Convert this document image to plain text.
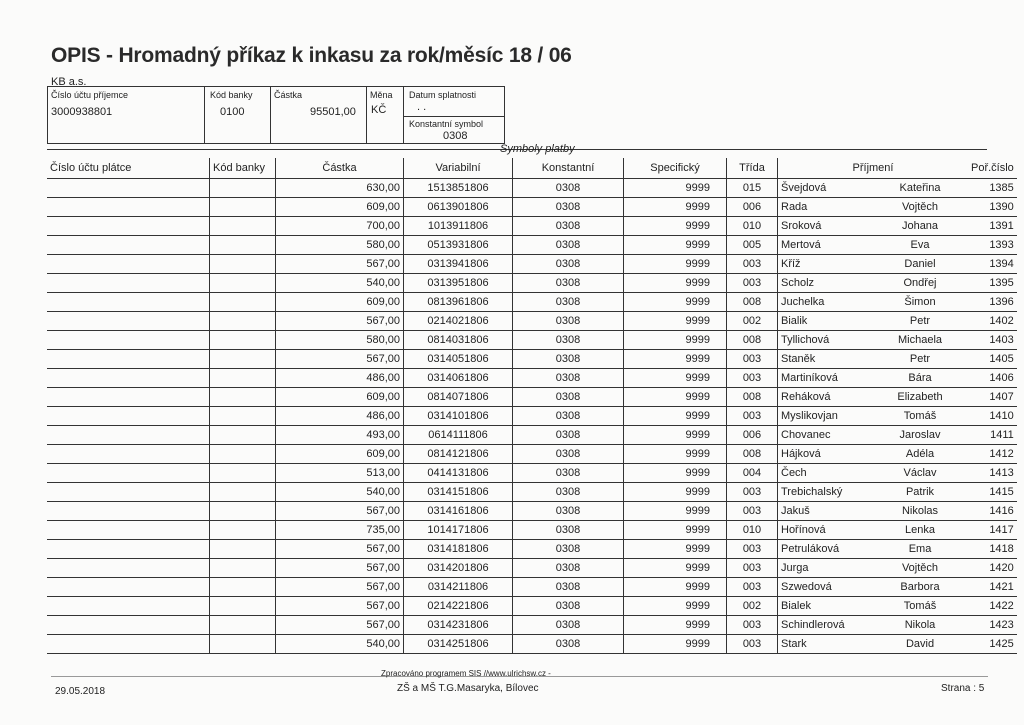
OPIS - Hromadný příkaz k inkasu za rok/měsíc 18 / 06
KB a.s.
Číslo účtu příjemce
3000938801
Kód banky
0100
Částka
95501,00
Měna
KČ
Datum splatnosti
. .
Konstantní symbol
0308
Symboly platby
Číslo účtu plátce	Kód banky	Částka	Variabilní	Konstantní	Specifický	Třída	Příjmení		Poř.číslo
		630,00	1513851806	0308	9999	015	Švejdová	Kateřina	1385
		609,00	0613901806	0308	9999	006	Rada	Vojtěch	1390
		700,00	1013911806	0308	9999	010	Sroková	Johana	1391
		580,00	0513931806	0308	9999	005	Mertová	Eva	1393
		567,00	0313941806	0308	9999	003	Kříž	Daniel	1394
		540,00	0313951806	0308	9999	003	Scholz	Ondřej	1395
		609,00	0813961806	0308	9999	008	Juchelka	Šimon	1396
		567,00	0214021806	0308	9999	002	Bialik	Petr	1402
		580,00	0814031806	0308	9999	008	Tyllichová	Michaela	1403
		567,00	0314051806	0308	9999	003	Staněk	Petr	1405
		486,00	0314061806	0308	9999	003	Martiníková	Bára	1406
		609,00	0814071806	0308	9999	008	Reháková	Elizabeth	1407
		486,00	0314101806	0308	9999	003	Myslikovjan	Tomáš	1410
		493,00	0614111806	0308	9999	006	Chovanec	Jaroslav	1411
		609,00	0814121806	0308	9999	008	Hájková	Adéla	1412
		513,00	0414131806	0308	9999	004	Čech	Václav	1413
		540,00	0314151806	0308	9999	003	Trebichalský	Patrik	1415
		567,00	0314161806	0308	9999	003	Jakuš	Nikolas	1416
		735,00	1014171806	0308	9999	010	Hořínová	Lenka	1417
		567,00	0314181806	0308	9999	003	Petruláková	Ema	1418
		567,00	0314201806	0308	9999	003	Jurga	Vojtěch	1420
		567,00	0314211806	0308	9999	003	Szwedová	Barbora	1421
		567,00	0214221806	0308	9999	002	Bialek	Tomáš	1422
		567,00	0314231806	0308	9999	003	Schindlerová	Nikola	1423
		540,00	0314251806	0308	9999	003	Stark	David	1425
29.05.2018
Zpracováno programem SIS //www.ulrichsw.cz -
ZŠ a MŠ T.G.Masaryka, Bílovec	Strana : 5
